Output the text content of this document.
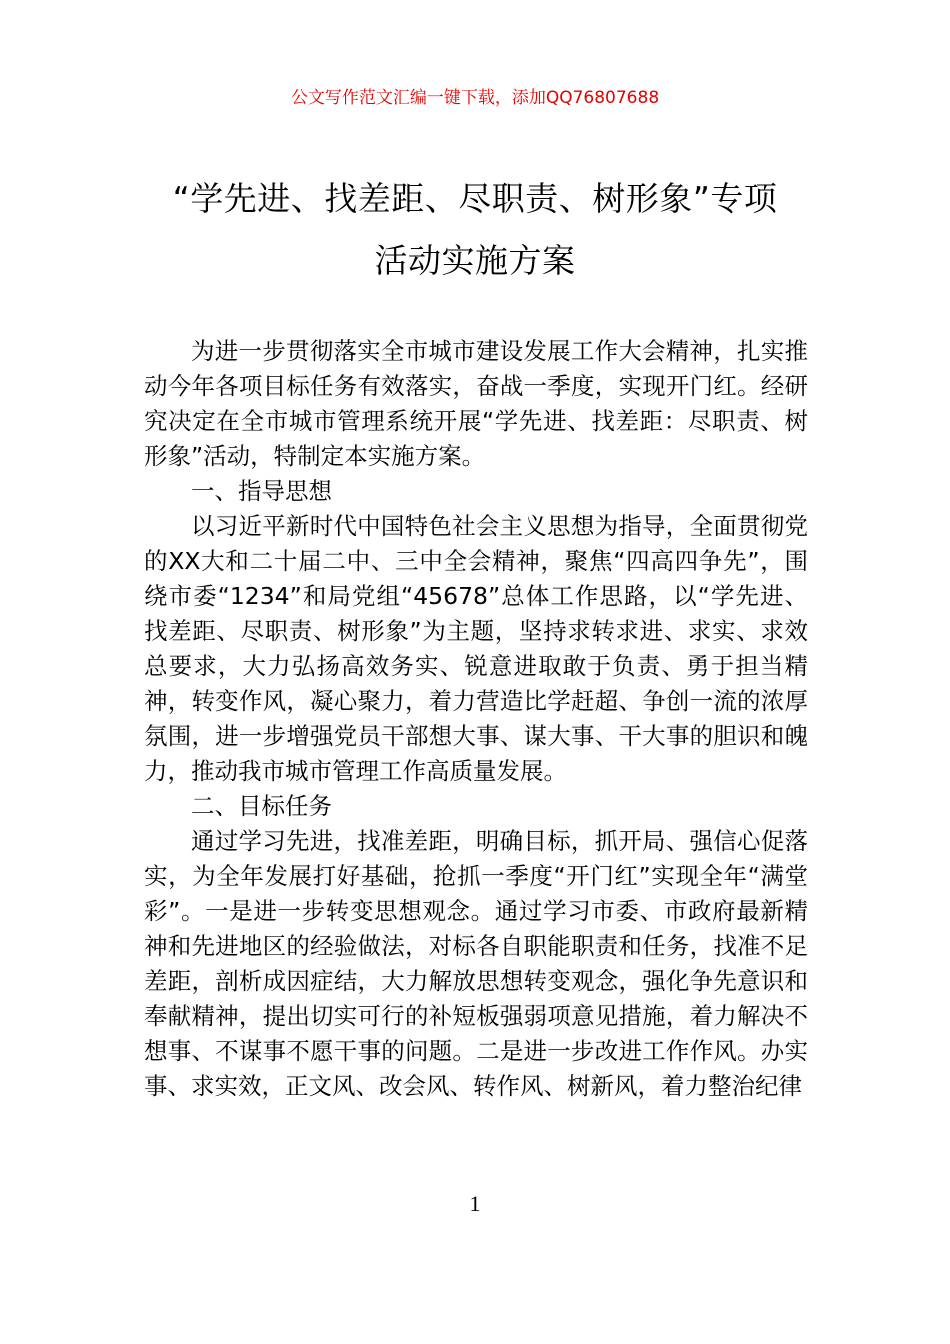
公文写作范文汇编一键下载，添加QQ76807688
“学先进、找差距、尽职责、树形象”专项
活动实施方案

为进一步贯彻落实全市城市建设发展工作大会精神，扎实推动今年各项目标任务有效落实，奋战一季度，实现开门红。经研究决定在全市城市管理系统开展“学先进、找差距：尽职责、树形象”活动，特制定本实施方案。

一、指导思想

以习近平新时代中国特色社会主义思想为指导，全面贯彻党的XX大和二十届二中、三中全会精神，聚焦“四高四争先”，围绕市委“1234”和局党组“45678”总体工作思路，以“学先进、找差距、尽职责、树形象”为主题，坚持求转求进、求实、求效总要求，大力弘扬高效务实、锐意进取敢于负责、勇于担当精神，转变作风，凝心聚力，着力营造比学赶超、争创一流的浓厚氛围，进一步增强党员干部想大事、谋大事、干大事的胆识和魄力，推动我市城市管理工作高质量发展。

二、目标任务

通过学习先进，找准差距，明确目标，抓开局、强信心促落实，为全年发展打好基础，抢抓一季度“开门红”实现全年“满堂彩”。一是进一步转变思想观念。通过学习市委、市政府最新精神和先进地区的经验做法，对标各自职能职责和任务，找准不足差距，剖析成因症结，大力解放思想转变观念，强化争先意识和奉献精神，提出切实可行的补短板强弱项意见措施，着力解决不想事、不谋事不愿干事的问题。二是进一步改进工作作风。办实事、求实效，正文风、改会风、转作风、树新风，着力整治纪律

1
